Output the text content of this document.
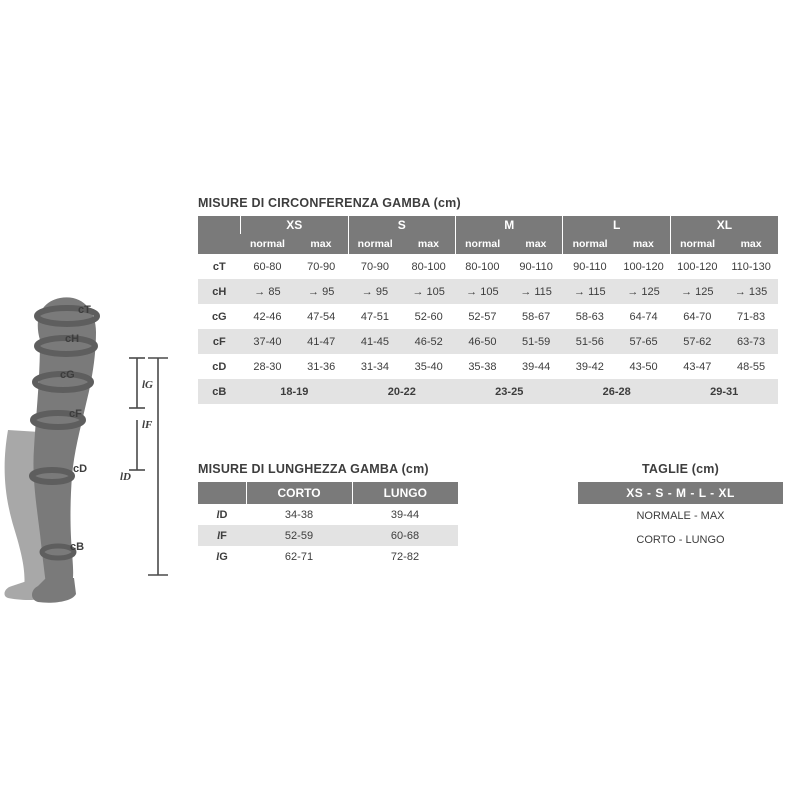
cT
cH
cG
cF
cD
cB
lG
lF
lD
MISURE DI CIRCONFERENZA GAMBA (cm)
	XS		S		M		L		XL	
	normal	max	normal	max	normal	max	normal	max	normal	max
cT	60-80	70-90	70-90	80-100	80-100	90-110	90-110	100-120	100-120	110-130
cH	→ 85	→ 95	→ 95	→ 105	→ 105	→ 115	→ 115	→ 125	→ 125	→ 135
cG	42-46	47-54	47-51	52-60	52-57	58-67	58-63	64-74	64-70	71-83
cF	37-40	41-47	41-45	46-52	46-50	51-59	51-56	57-65	57-62	63-73
cD	28-30	31-36	31-34	35-40	35-38	39-44	39-42	43-50	43-47	48-55
cB	18-19		20-22		23-25		26-28		29-31	
MISURE DI LUNGHEZZA GAMBA (cm)
	CORTO	LUNGO
lD	34-38	39-44
lF	52-59	60-68
lG	62-71	72-82
TAGLIE (cm)
XS - S - M - L - XL
NORMALE - MAX
CORTO - LUNGO
